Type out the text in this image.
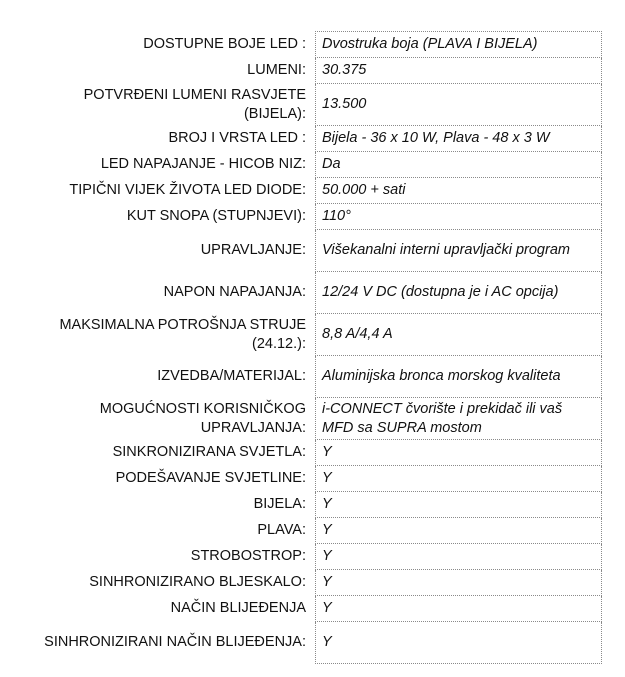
DOSTUPNE BOJE LED :	Dvostruka boja (PLAVA I BIJELA)
LUMENI:	30.375
POTVRĐENI LUMENI RASVJETE (BIJELA):	13.500
BROJ I VRSTA LED :	Bijela - 36 x 10 W, Plava - 48 x 3 W
LED NAPAJANJE - HICOB NIZ:	Da
TIPIČNI VIJEK ŽIVOTA LED DIODE:	50.000 + sati
KUT SNOPA (STUPNJEVI):	110°
UPRAVLJANJE:	Višekanalni interni upravljački program
NAPON NAPAJANJA:	12/24 V DC (dostupna je i AC opcija)
MAKSIMALNA POTROŠNJA STRUJE (24.12.):	8,8 A/4,4 A
IZVEDBA/MATERIJAL:	Aluminijska bronca morskog kvaliteta
MOGUĆNOSTI KORISNIČKOG UPRAVLJANJA:	i-CONNECT čvorište i prekidač ili vaš MFD sa SUPRA mostom
SINKRONIZIRANA SVJETLA:	Y
PODEŠAVANJE SVJETLINE:	Y
BIJELA:	Y
PLAVA:	Y
STROBOSTROP:	Y
SINHRONIZIRANO BLJESKALO:	Y
NAČIN BLIJEĐENJA	Y
SINHRONIZIRANI NAČIN BLIJEĐENJA:	Y
